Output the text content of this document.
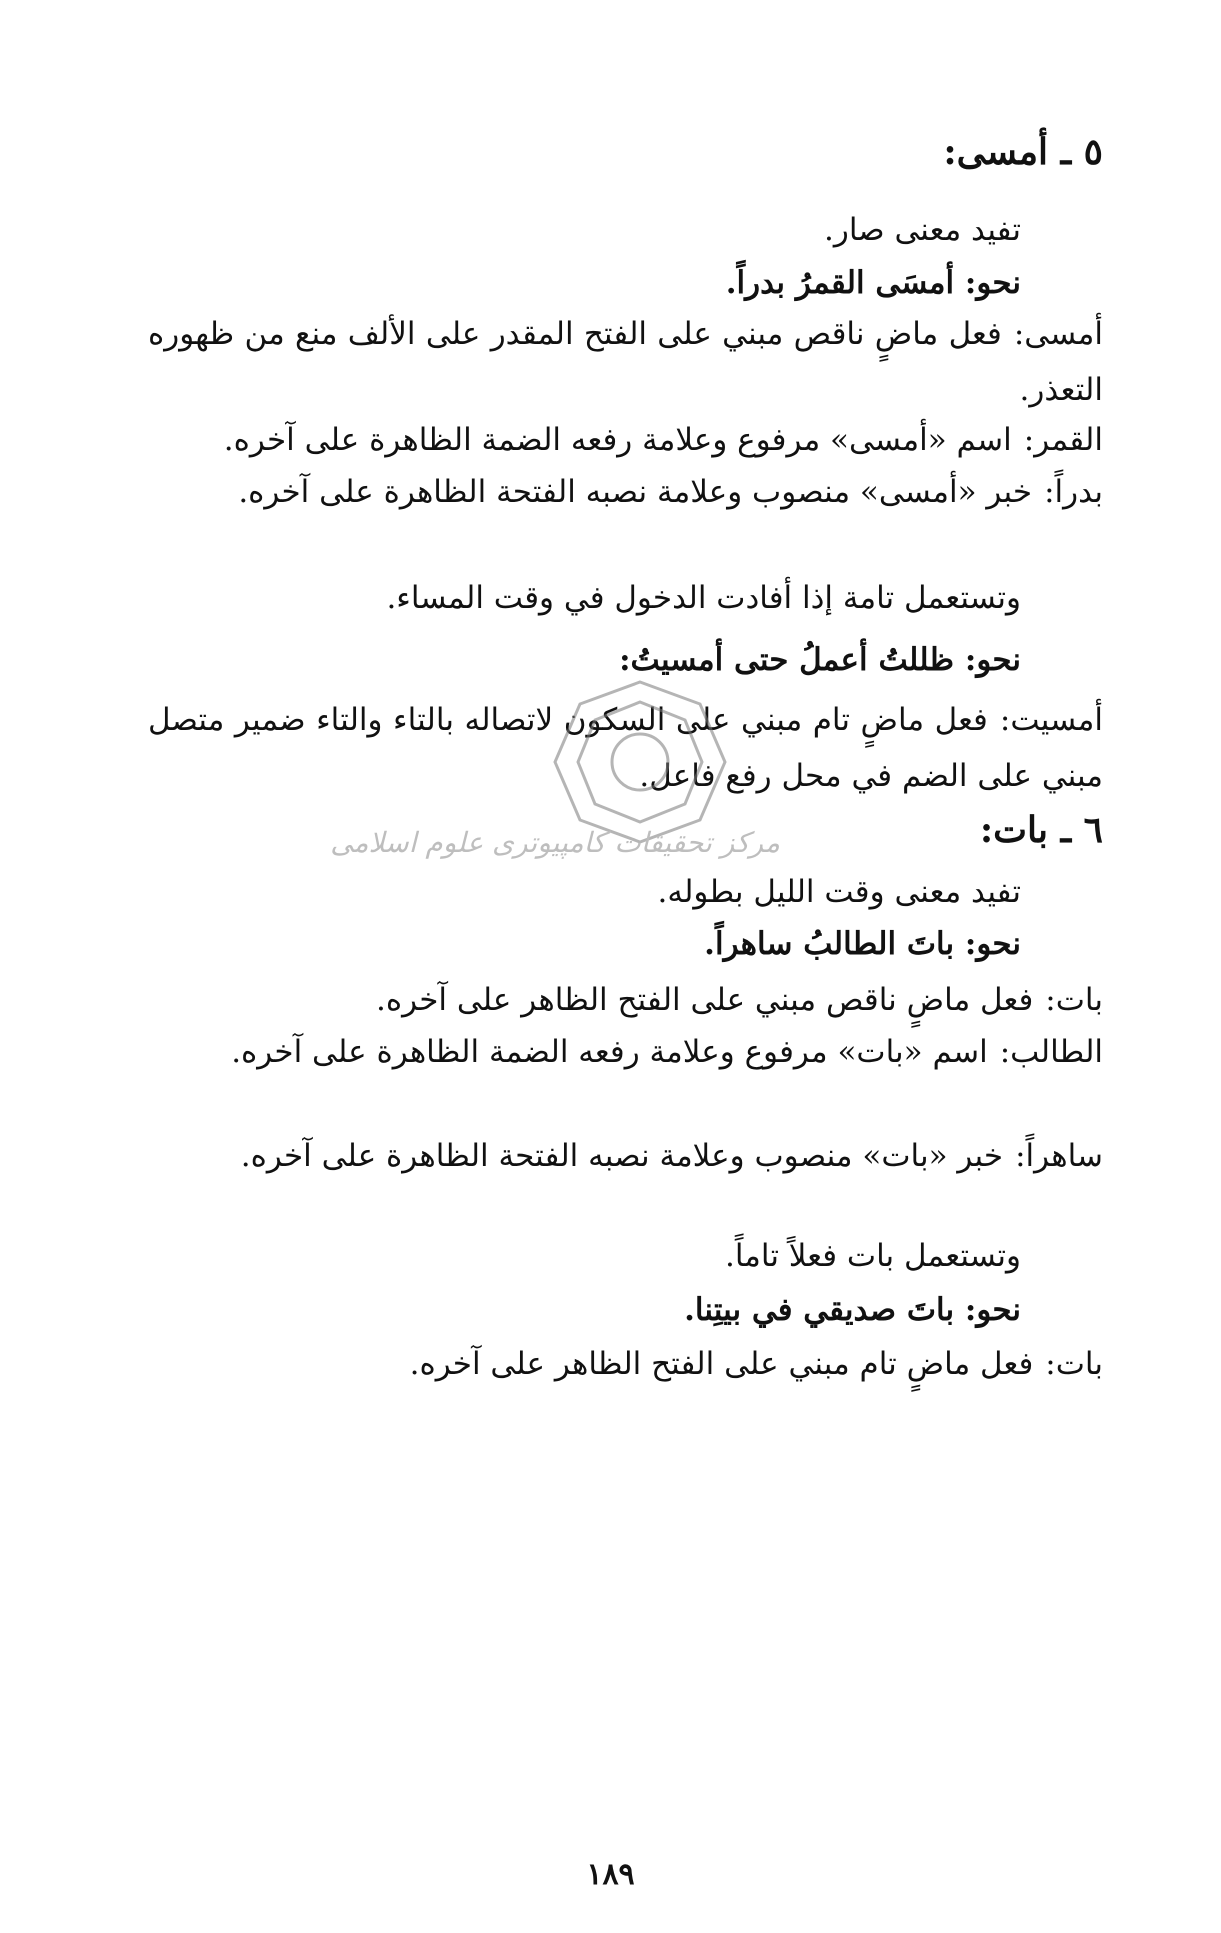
٥ ـ أمسى:
تفيد معنى صار.
نحو: أمسَى القمرُ بدراً.
أمسى:فعل ماضٍ ناقص مبني على الفتح المقدر على الألف منع من ظهوره التعذر.
القمر:اسم «أمسى» مرفوع وعلامة رفعه الضمة الظاهرة على آخره.
بدراً:خبر «أمسى» منصوب وعلامة نصبه الفتحة الظاهرة على آخره.
وتستعمل تامة إذا أفادت الدخول في وقت المساء.
نحو: ظللتُ أعملُ حتى أمسيتُ:
أمسيت:فعل ماضٍ تام مبني على السكون لاتصاله بالتاء والتاء ضمير متصل مبني على الضم في محل رفع فاعل.
٦ ـ بات:
تفيد معنى وقت الليل بطوله.
نحو: باتَ الطالبُ ساهراً.
بات:فعل ماضٍ ناقص مبني على الفتح الظاهر على آخره.
الطالب:اسم «بات» مرفوع وعلامة رفعه الضمة الظاهرة على آخره.
ساهراً:خبر «بات» منصوب وعلامة نصبه الفتحة الظاهرة على آخره.
وتستعمل بات فعلاً تاماً.
نحو: باتَ صديقي في بيتِنا.
بات:فعل ماضٍ تام مبني على الفتح الظاهر على آخره.
مرکز تحقیقات کامپیوتری علوم اسلامی
١٨٩
